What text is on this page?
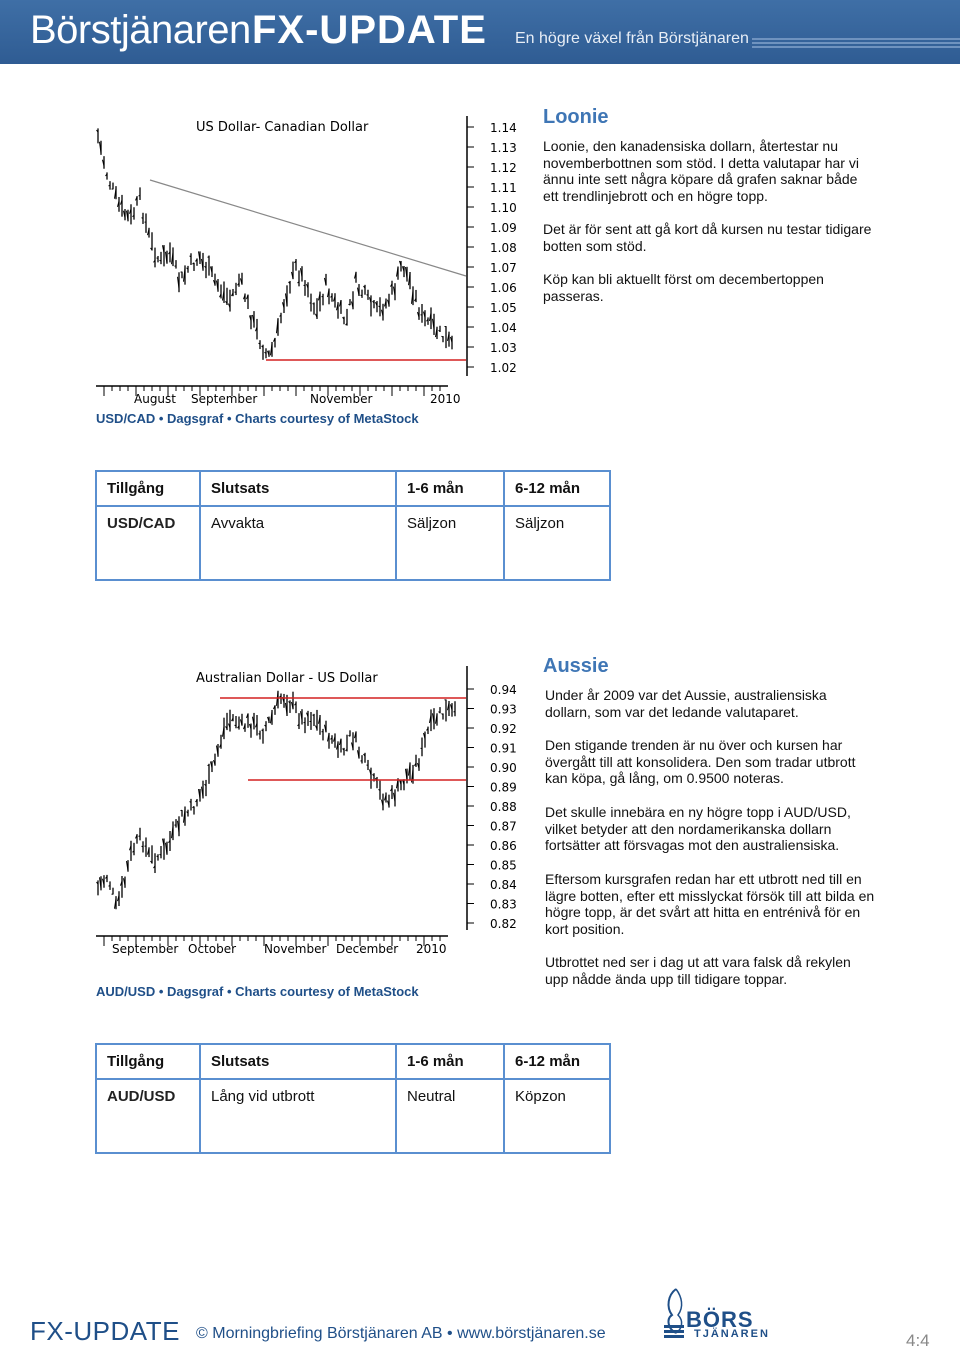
Börstjänaren FX-UPDATE En högre växel från Börstjänaren
US Dollar- Canadian Dollar	1.14
1.13
1.12
1.11
1.10
1.09
1.08
1.07
1.06
1.05
1.04
1.03
1.02
August September	November	2010
USD/CAD • Dagsgraf • Charts courtesy of MetaStock
Loonie

Loonie, den kanadensiska dollarn, återtestar nu novemberbottnen som stöd. I detta valutapar har vi ännu inte sett några köpare då grafen saknar både ett trendlinjebrott och en högre topp.

Det är för sent att gå kort då kursen nu testar tidigare botten som stöd.

Köp kan bli aktuellt först om decembertoppen passeras.

Tillgång	Slutsats	1-6 mån	6-12 mån
USD/CAD	Avvakta	Säljzon	Säljzon
Australian Dollar - US Dollar
0.94
0.93
0.92
0.91
0.90
0.89
0.88
0.87
0.86
0.85
0.84
0.83
0.82
September October November December 2010
AUD/USD • Dagsgraf • Charts courtesy of MetaStock
Aussie

Under år 2009 var det Aussie, australiensiska dollarn, som var det ledande valutaparet.

Den stigande trenden är nu över och kursen har övergått till att konsolidera. Den som tradar utbrott kan köpa, gå lång, om 0.9500 noteras.

Det skulle innebära en ny högre topp i AUD/USD, vilket betyder att den nordamerikanska dollarn fortsätter att försvagas mot den australiensiska.

Eftersom kursgrafen redan har ett utbrott ned till en lägre botten, efter ett misslyckat försök till att bilda en högre topp, är det svårt att hitta en entrénivå för en kort position.

Utbrottet ned ser i dag ut att vara falsk då rekylen upp nådde ända upp till tidigare toppar.

Tillgång	Slutsats	1-6 mån	6-12 mån
AUD/USD	Lång vid utbrott	Neutral	Köpzon
FX-UPDATE © Morningbriefing Börstjänaren AB • www.börstjänaren.se
BÖRS
TJÄNAREN	4:4
